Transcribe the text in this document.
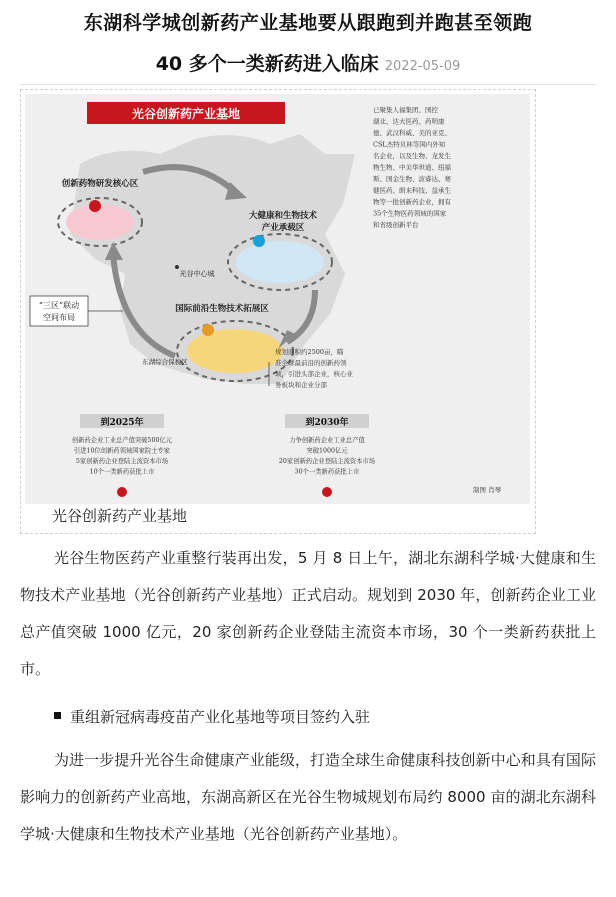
东湖科学城创新药产业基地要从跟跑到并跑甚至领跑
40 多个一类新药进入临床 2022-05-09
光谷创新药产业基地	已聚集人福集团、国控
湖北、达大医药、药明康
德、武汉科威、美的亚克、
CSL杰特贝林等国内外知
名企业，以及生物、龙发生
物生物、中美华世通、纽福
斯、国金生物、波睿达、赛
健医药、朗来科技、益承生
物等一批创新药企业，拥有
35个生物医药领域的国家
和省级创新平台
创新药物研发核心区
大健康和生物技术
产业承载区
光谷中心城
国际前沿生物技术拓展区
东湖综合保税区
“三区”联动
空间布局
规划面积约2500亩，瞄
准全球最前沿的创新药领
域，引进头部企业，核心业
务板块和企业分部
到2025年
创新药企业工业总产值突破500亿元
引进10位创新药领域国家院士专家
5家创新药企业登陆主流资本市场
10个一类新药获批上市
到2030年
力争创新药企业工业总产值
突破1000亿元
20家创新药企业登陆主流资本市场
30个一类新药获批上市
制图 肖琴
光谷创新药产业基地

光谷生物医药产业重整行装再出发，5 月 8 日上午，湖北东湖科学城·大健康和生物技术产业基地（光谷创新药产业基地）正式启动。规划到 2030 年，创新药企业工业总产值突破 1000 亿元，20 家创新药企业登陆主流资本市场，30 个一类新药获批上市。

重组新冠病毒疫苗产业化基地等项目签约入驻

为进一步提升光谷生命健康产业能级，打造全球生命健康科技创新中心和具有国际影响力的创新药产业高地，东湖高新区在光谷生物城规划布局约 8000 亩的湖北东湖科学城·大健康和生物技术产业基地（光谷创新药产业基地）。
